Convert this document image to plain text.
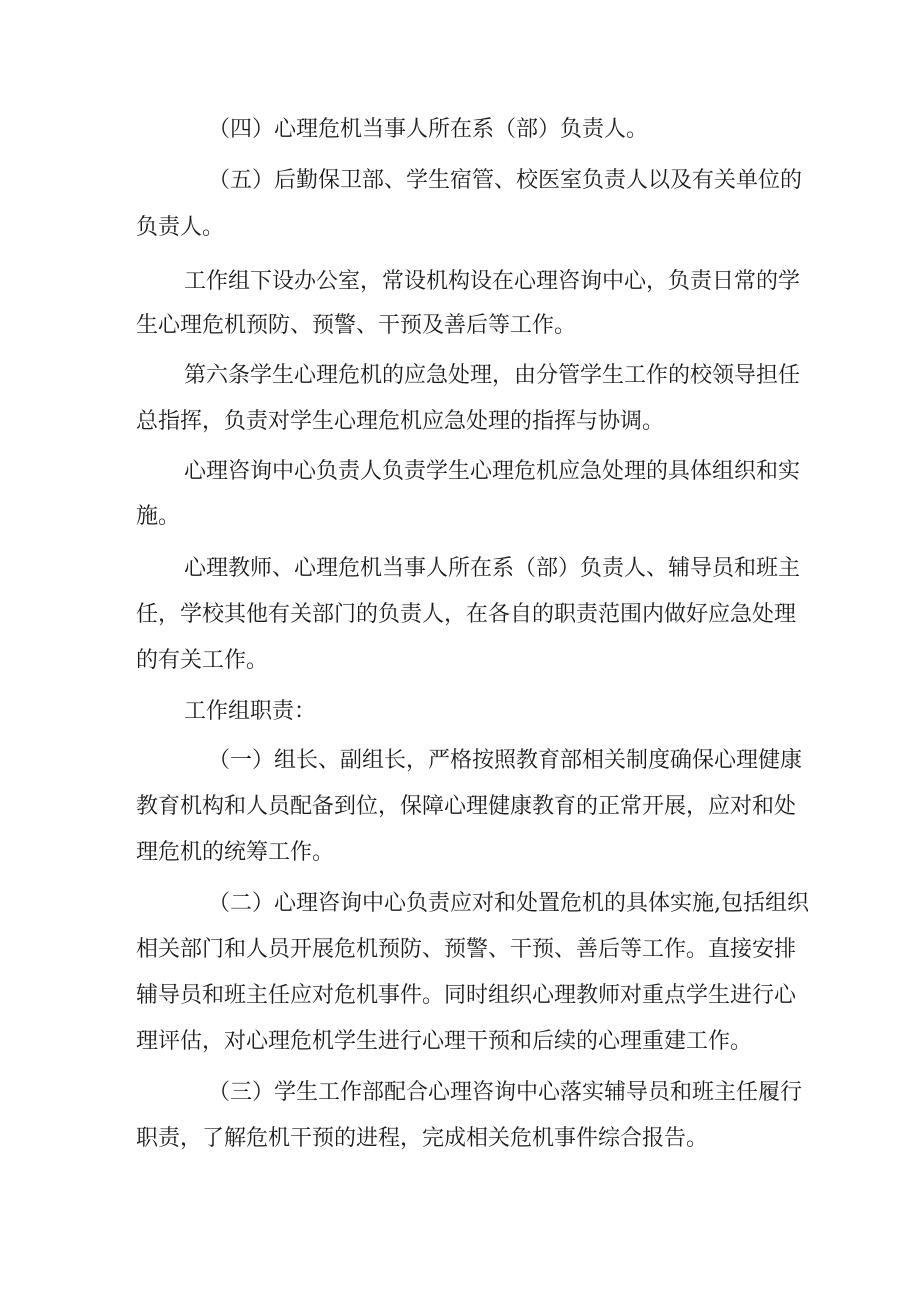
（四）心理危机当事人所在系（部）负责人。
（五）后勤保卫部、学生宿管、校医室负责人以及有关单位的
负责人。
工作组下设办公室，常设机构设在心理咨询中心，负责日常的学
生心理危机预防、预警、干预及善后等工作。
第六条学生心理危机的应急处理，由分管学生工作的校领导担任
总指挥，负责对学生心理危机应急处理的指挥与协调。
心理咨询中心负责人负责学生心理危机应急处理的具体组织和实
施。
心理教师、心理危机当事人所在系（部）负责人、辅导员和班主
任，学校其他有关部门的负责人，在各自的职责范围内做好应急处理
的有关工作。
工作组职责：
（一）组长、副组长，严格按照教育部相关制度确保心理健康
教育机构和人员配备到位，保障心理健康教育的正常开展，应对和处
理危机的统筹工作。
（二）心理咨询中心负责应对和处置危机的具体实施,包括组织
相关部门和人员开展危机预防、预警、干预、善后等工作。直接安排
辅导员和班主任应对危机事件。同时组织心理教师对重点学生进行心
理评估，对心理危机学生进行心理干预和后续的心理重建工作。
（三）学生工作部配合心理咨询中心落实辅导员和班主任履行
职责，了解危机干预的进程，完成相关危机事件综合报告。
